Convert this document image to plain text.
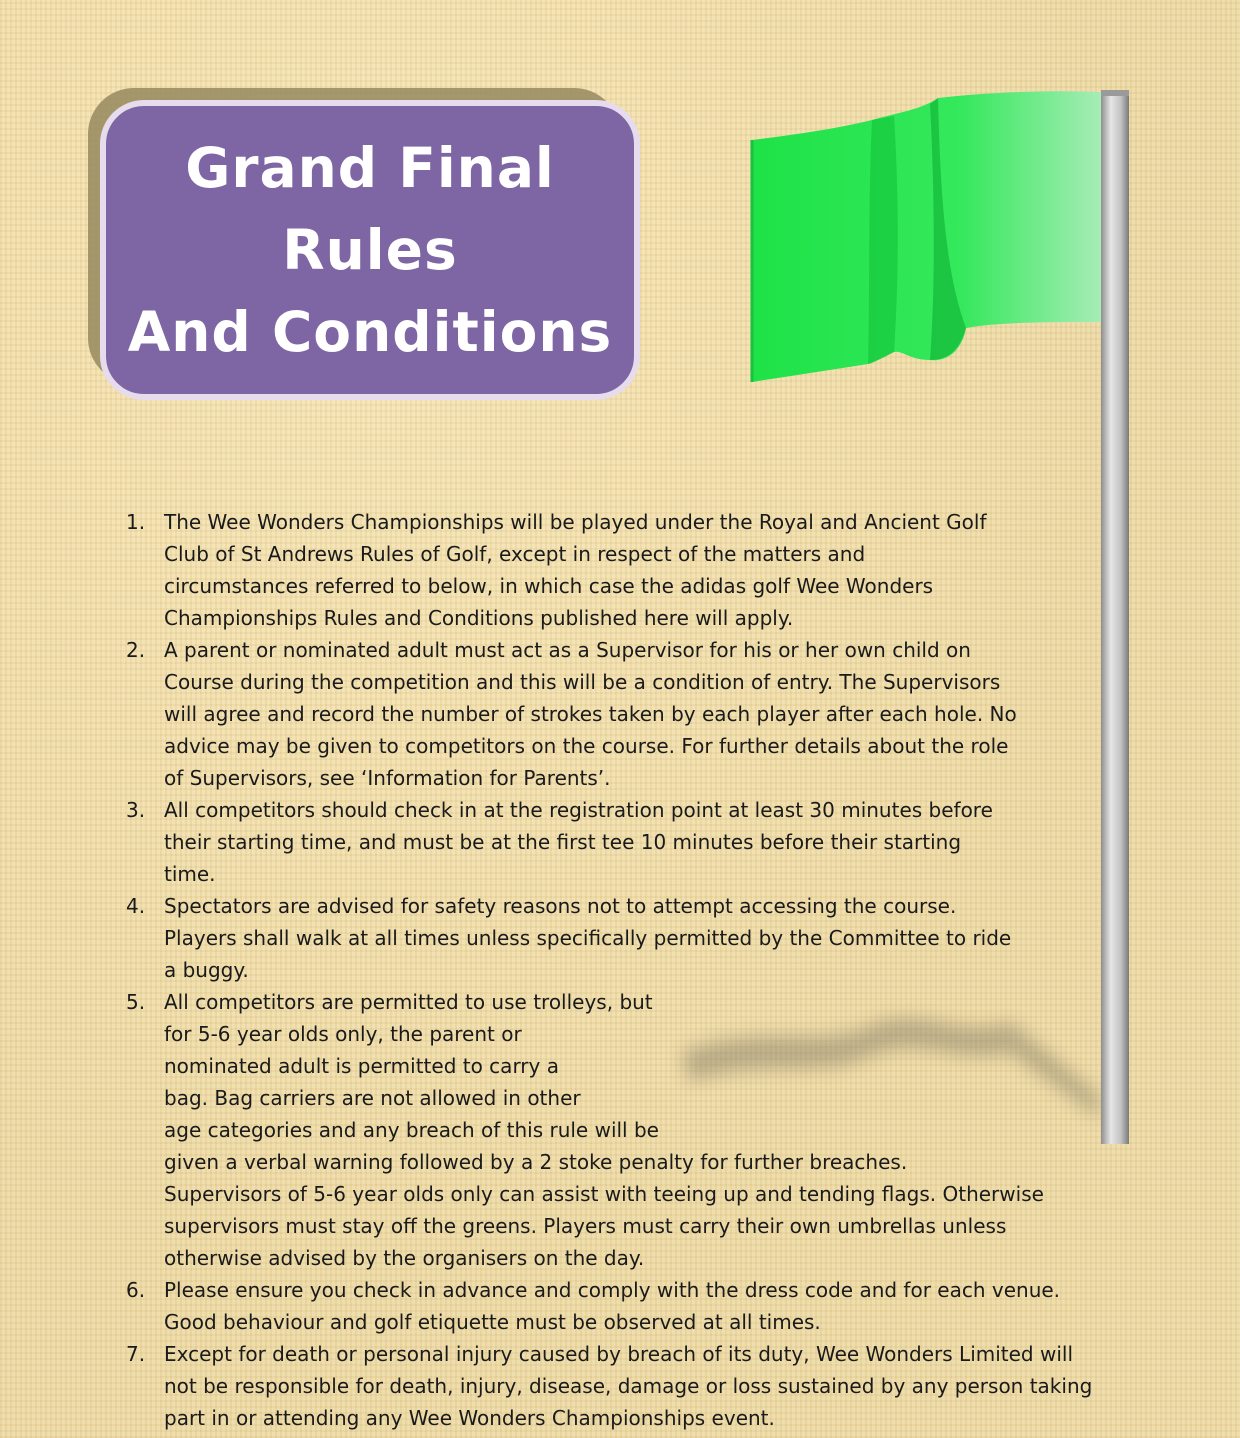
Grand Final
Rules
And Conditions
1. The Wee Wonders Championships will be played under the Royal and Ancient Golf
Club of St Andrews Rules of Golf, except in respect of the matters and
circumstances referred to below, in which case the adidas golf Wee Wonders
Championships Rules and Conditions published here will apply.
2. A parent or nominated adult must act as a Supervisor for his or her own child on
Course during the competition and this will be a condition of entry. The Supervisors
will agree and record the number of strokes taken by each player after each hole. No
advice may be given to competitors on the course. For further details about the role
of Supervisors, see ‘Information for Parents’.
3. All competitors should check in at the registration point at least 30 minutes before
their starting time, and must be at the first tee 10 minutes before their starting
time.
4. Spectators are advised for safety reasons not to attempt accessing the course.
Players shall walk at all times unless specifically permitted by the Committee to ride
a buggy.
5. All competitors are permitted to use trolleys, but
for 5-6 year olds only, the parent or
nominated adult is permitted to carry a
bag. Bag carriers are not allowed in other
age categories and any breach of this rule will be
given a verbal warning followed by a 2 stoke penalty for further breaches.
Supervisors of 5-6 year olds only can assist with teeing up and tending flags. Otherwise
supervisors must stay off the greens. Players must carry their own umbrellas unless
otherwise advised by the organisers on the day.
6. Please ensure you check in advance and comply with the dress code and for each venue.
Good behaviour and golf etiquette must be observed at all times.
7. Except for death or personal injury caused by breach of its duty, Wee Wonders Limited will
not be responsible for death, injury, disease, damage or loss sustained by any person taking
part in or attending any Wee Wonders Championships event.
